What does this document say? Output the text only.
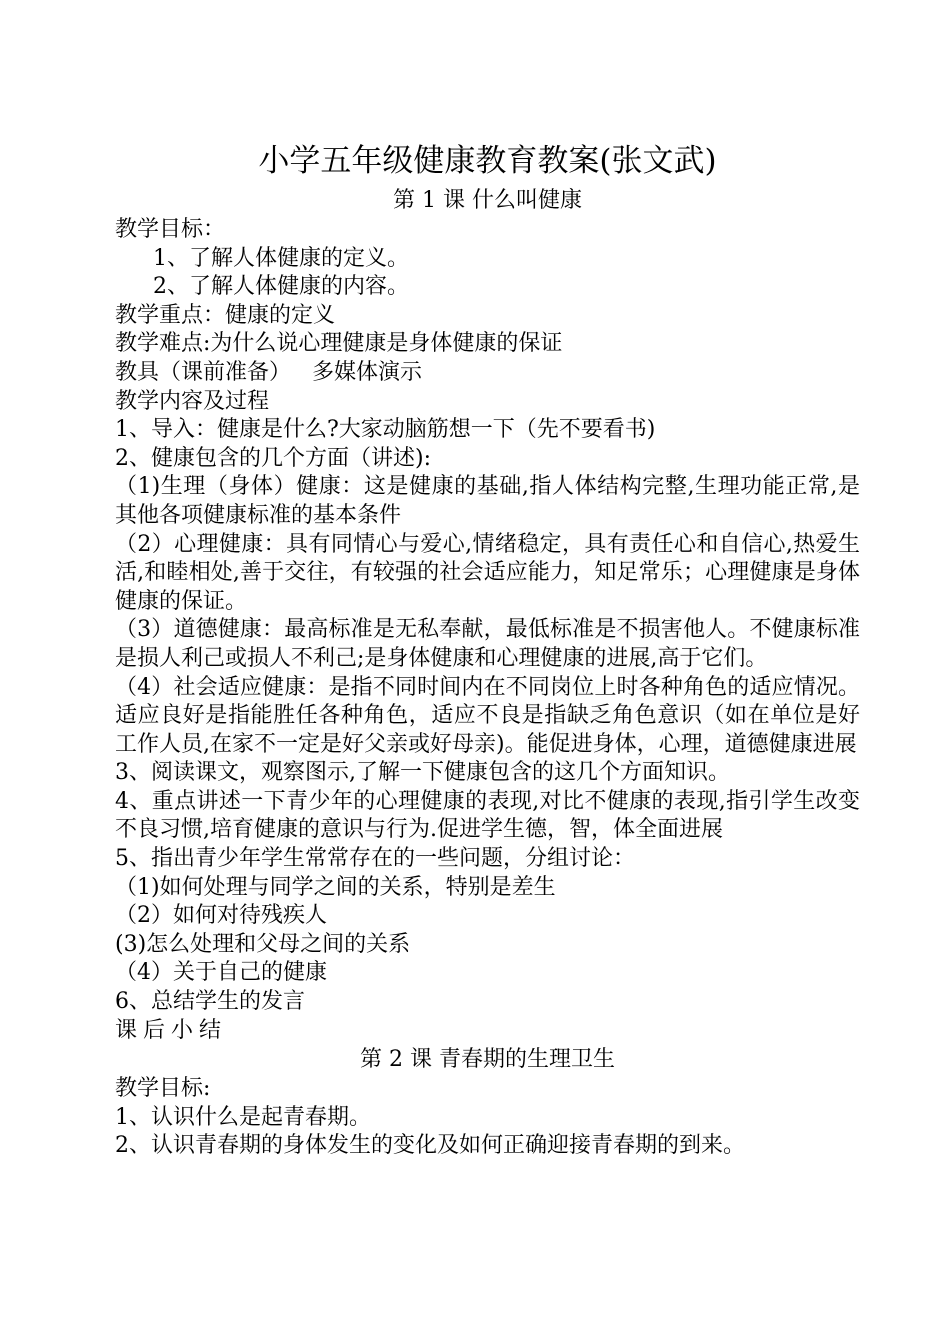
小学五年级健康教育教案(张文武)

第 1 课 什么叫健康

教学目标：

1、了解人体健康的定义。

2、了解人体健康的内容。

教学重点：健康的定义

教学难点:为什么说心理健康是身体健康的保证

教具（课前准备）   多媒体演示

教学内容及过程

1、导入：健康是什么?大家动脑筋想一下（先不要看书)

2、健康包含的几个方面（讲述):

（1)生理（身体）健康：这是健康的基础,指人体结构完整,生理功能正常,是其他各项健康标准的基本条件

（2）心理健康：具有同情心与爱心,情绪稳定，具有责任心和自信心,热爱生活,和睦相处,善于交往，有较强的社会适应能力，知足常乐；心理健康是身体健康的保证。

（3）道德健康：最高标准是无私奉献，最低标准是不损害他人。不健康标准是损人利己或损人不利己;是身体健康和心理健康的进展,高于它们。

（4）社会适应健康：是指不同时间内在不同岗位上时各种角色的适应情况。适应良好是指能胜任各种角色，适应不良是指缺乏角色意识（如在单位是好工作人员,在家不一定是好父亲或好母亲)。能促进身体，心理，道德健康进展

3、阅读课文，观察图示,了解一下健康包含的这几个方面知识。

4、重点讲述一下青少年的心理健康的表现,对比不健康的表现,指引学生改变不良习惯,培育健康的意识与行为.促进学生德，智，体全面进展

5、指出青少年学生常常存在的一些问题，分组讨论：

（1)如何处理与同学之间的关系，特别是差生

（2）如何对待残疾人

(3)怎么处理和父母之间的关系

（4）关于自己的健康

6、总结学生的发言

课后小结

第 2 课 青春期的生理卫生

教学目标:

1、认识什么是起青春期。

2、认识青春期的身体发生的变化及如何正确迎接青春期的到来。
